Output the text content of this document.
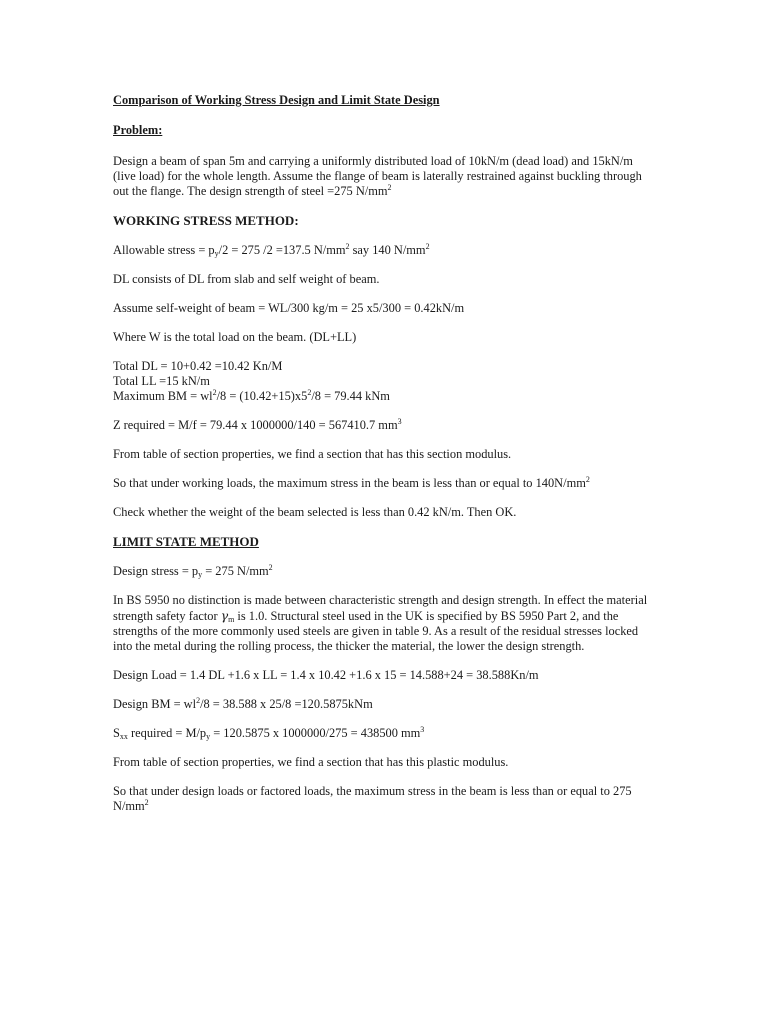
Comparison of Working Stress Design and Limit State Design

Problem:

Design a beam of span 5m and carrying a uniformly distributed load of 10kN/m (dead load) and 15kN/m (live load) for the whole length. Assume the flange of beam is laterally restrained against buckling through out the flange. The design strength of steel =275 $N/mm^2$

WORKING STRESS METHOD:

Allowable stress = $p_y/2 = 275$ /2 =137.5 $N/mm^2$ say 140 $N/mm^2$

DL consists of DL from slab and self weight of beam.

Assume self-weight of beam = WL/300 kg/m = 25 x5/300 = 0.42kN/m

Where W is the total load on the beam. (DL+LL)

Total DL = 10+0.42 =10.42 Kn/M

Total LL =15 kN/m

Maximum BM = $wl^2/8 = (10.42+15)x5^2/8 = 79.44$ kNm

Z required = M/f = 79.44 x 1000000/140 = 567410.7 $mm^3$

From table of section properties, we find a section that has this section modulus.

So that under working loads, the maximum stress in the beam is less than or equal to $140N/mm^2$

Check whether the weight of the beam selected is less than 0.42 kN/m. Then OK.

LIMIT STATE METHOD

Design stress = $p_y = 275$ $N/mm^2$

In BS 5950 no distinction is made between characteristic strength and design strength. In effect the material strength safety factor $\gamma_m$ is 1.0. Structural steel used in the UK is specified by BS 5950 Part 2, and the strengths of the more commonly used steels are given in table 9. As a result of the residual stresses locked into the metal during the rolling process, the thicker the material, the lower the design strength.

Design Load = 1.4 DL +1.6 x LL = 1.4 x 10.42 +1.6 x 15 = 14.588+24 = 38.588Kn/m

Design BM = $wl^2/8 = 38.588$ x 25/8 =120.5875kNm

$S_{xx}$ required = $M/p_y = 120.5875$ x 1000000/275 = 438500 $mm^3$

From table of section properties, we find a section that has this plastic modulus.

So that under design loads or factored loads, the maximum stress in the beam is less than or equal to 275 $N/mm^2$
